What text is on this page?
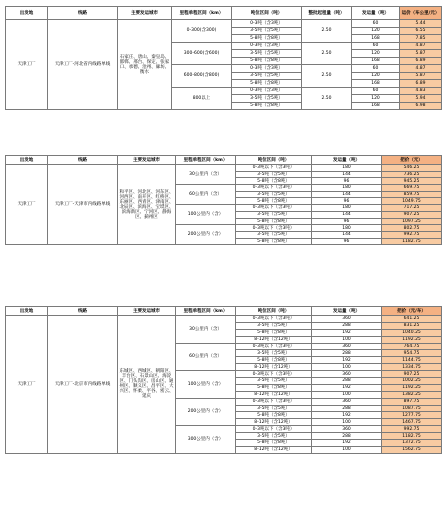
出发地	线路	主要发运城市	里程单程区间（km）	吨位区间（吨）	整批起租量（吨）	发运量（吨）	运价（车公里/元）
天津工厂	天津工厂-河北省内线路单线	石家庄、唐山、秦皇岛、邯郸、邢台、保定、张家口、承德、沧州、廊坊、衡水	0-300(含300)	0-3吨（含3吨）	2.50	60	5.44
				3-5吨（含5吨）		120	6.55
				5-8吨（含8吨）		168	7.85
			300-600(含600)	0-3吨（含3吨）	2.50	60	4.87
				3-5吨（含5吨）		120	5.87
				5-8吨（含8吨）		168	6.89
			600-800(含800)	0-3吨（含3吨）	2.50	60	4.87
				3-5吨（含5吨）		120	5.87
				5-8吨（含8吨）		168	6.89
			800以上	0-3吨（含3吨）	2.50	60	4.83
				3-5吨（含5吨）		120	5.94
				5-8吨（含8吨）		168	6.98
出发地	线路	主要发运城市	里程单程区间（km）	吨位区间（吨）	发运量（吨）	把价（元）
天津工厂	天津工厂-天津市内线路单线	和平区、河北区、河东区、河西区、南开区、红桥区、东丽区、西青区、津南区、北辰区、滨海区、宝坻区、滨海新区、宁河区、静海区、蓟州区	30公里内（含）	0-3吨以下（含3吨）	180	546.25
				3-5吨（含5吨）	144	736.25
				5-8吨（含8吨）	96	945.25
			60公里内（含）	0-3吨以下（含3吨）	180	669.75
				3-5吨（含5吨）	144	859.75
				5-8吨（含8吨）	96	1049.75
			100公里内（含）	0-3吨以下（含3吨）	180	717.25
				3-5吨（含5吨）	144	907.25
				5-8吨（含8吨）	96	1097.25
			200公里内（含）	0-3吨以下（含3吨）	180	802.75
				3-5吨（含5吨）	144	992.75
				5-8吨（含8吨）	96	1182.75
出发地	线路	主要发运城市	里程单程区间（km）	吨位区间（吨）	发运量（吨）	把价（元/车）
天津工厂	天津工厂-北京市内线路单线	东城区、西城区、朝阳区、丰台区、石景山区、海淀区、门头沟区、房山区、通州区、顺义区、昌平区、大兴区、怀柔、平谷、密云、延庆	30公里内（含）	0-3吨以下（含3吨）	360	641.25
				3-5吨（含5吨）	288	831.25
				5-8吨（含8吨）	192	1040.25
				8-12吨（含12吨）	100	1192.25
			60公里内（含）	0-3吨以下（含3吨）	360	764.75
				3-5吨（含5吨）	288	954.75
				5-8吨（含8吨）	192	1144.75
				8-12吨（含12吨）	100	1334.75
			100公里内（含）	0-3吨以下（含3吨）	360	907.25
				3-5吨（含5吨）	288	1002.25
				5-8吨（含8吨）	192	1192.25
				8-12吨（含12吨）	100	1382.25
			200公里内（含）	0-3吨以下（含3吨）	360	897.75
				3-5吨（含5吨）	288	1087.75
				5-8吨（含8吨）	192	1277.75
				8-12吨（含12吨）	100	1467.75
			300公里内（含）	0-3吨以下（含3吨）	360	992.75
				3-5吨（含5吨）	288	1182.75
				5-8吨（含8吨）	192	1372.75
				8-12吨（含12吨）	100	1562.75
